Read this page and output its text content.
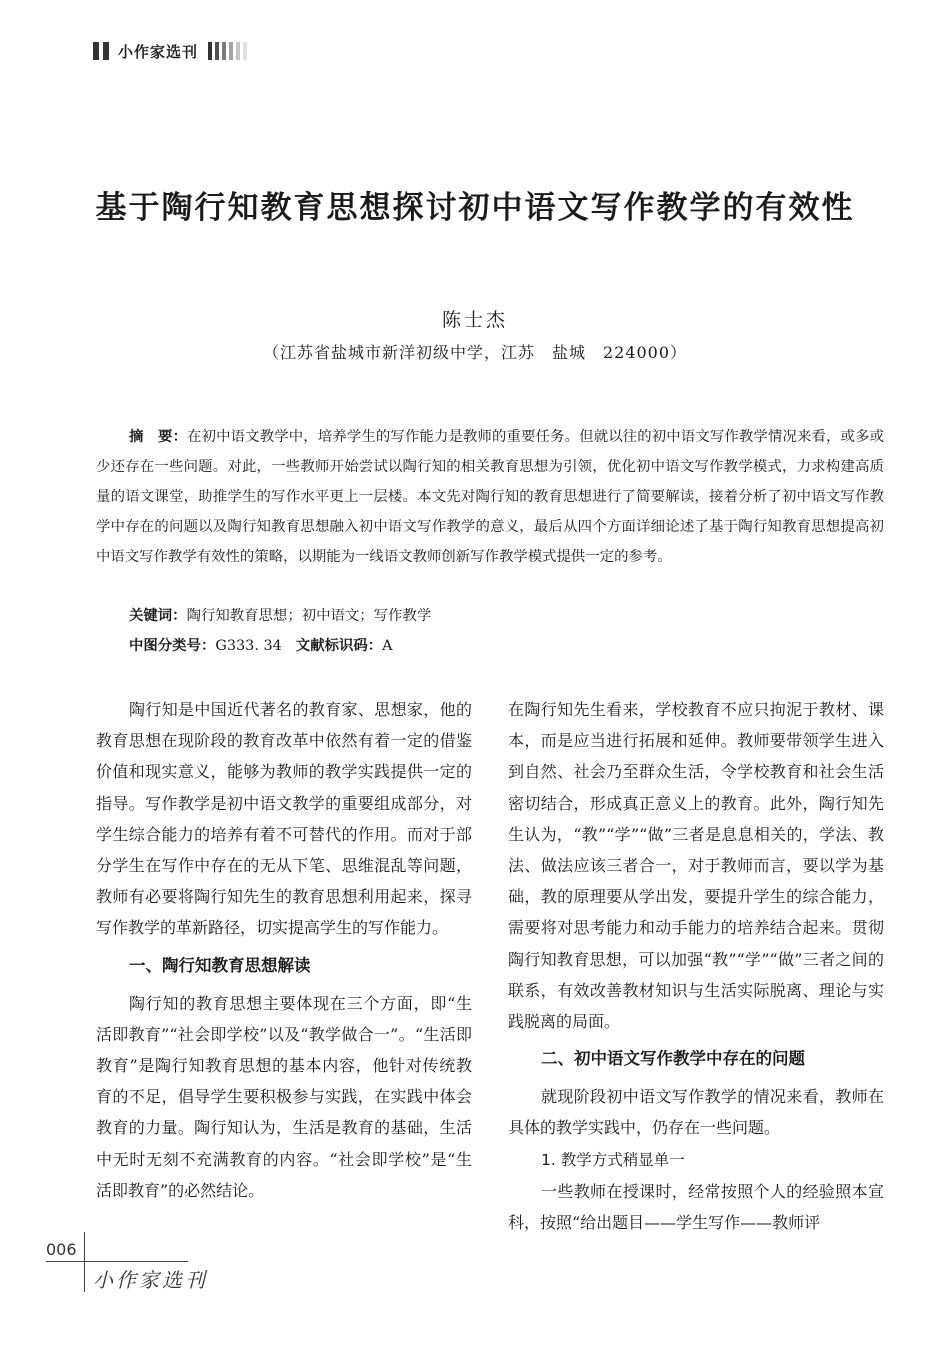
小作家选刊
基于陶行知教育思想探讨初中语文写作教学的有效性
陈士杰
（江苏省盐城市新洋初级中学，江苏　盐城　224000）

摘　要：在初中语文教学中，培养学生的写作能力是教师的重要任务。但就以往的初中语文写作教学情况来看，或多或少还存在一些问题。对此，一些教师开始尝试以陶行知的相关教育思想为引领，优化初中语文写作教学模式，力求构建高质量的语文课堂，助推学生的写作水平更上一层楼。本文先对陶行知的教育思想进行了简要解读，接着分析了初中语文写作教学中存在的问题以及陶行知教育思想融入初中语文写作教学的意义，最后从四个方面详细论述了基于陶行知教育思想提高初中语文写作教学有效性的策略，以期能为一线语文教师创新写作教学模式提供一定的参考。

关键词：陶行知教育思想；初中语文；写作教学

中图分类号：G333. 34 文献标识码：A

陶行知是中国近代著名的教育家、思想家，他的教育思想在现阶段的教育改革中依然有着一定的借鉴价值和现实意义，能够为教师的教学实践提供一定的指导。写作教学是初中语文教学的重要组成部分，对学生综合能力的培养有着不可替代的作用。而对于部分学生在写作中存在的无从下笔、思维混乱等问题，教师有必要将陶行知先生的教育思想利用起来，探寻写作教学的革新路径，切实提高学生的写作能力。

一、陶行知教育思想解读

陶行知的教育思想主要体现在三个方面，即“生活即教育”“社会即学校”以及“教学做合一”。“生活即教育”是陶行知教育思想的基本内容，他针对传统教育的不足，倡导学生要积极参与实践，在实践中体会教育的力量。陶行知认为，生活是教育的基础，生活中无时无刻不充满教育的内容。“社会即学校”是“生活即教育”的必然结论。

在陶行知先生看来，学校教育不应只拘泥于教材、课本，而是应当进行拓展和延伸。教师要带领学生进入到自然、社会乃至群众生活，令学校教育和社会生活密切结合，形成真正意义上的教育。此外，陶行知先生认为，“教”“学”“做”三者是息息相关的，学法、教法、做法应该三者合一，对于教师而言，要以学为基础，教的原理要从学出发，要提升学生的综合能力，需要将对思考能力和动手能力的培养结合起来。贯彻陶行知教育思想，可以加强“教”“学”“做”三者之间的联系，有效改善教材知识与生活实际脱离、理论与实践脱离的局面。

二、初中语文写作教学中存在的问题

就现阶段初中语文写作教学的情况来看，教师在具体的教学实践中，仍存在一些问题。

1. 教学方式稍显单一

一些教师在授课时，经常按照个人的经验照本宣科，按照“给出题目——学生写作——教师评

006
小作家选刊
